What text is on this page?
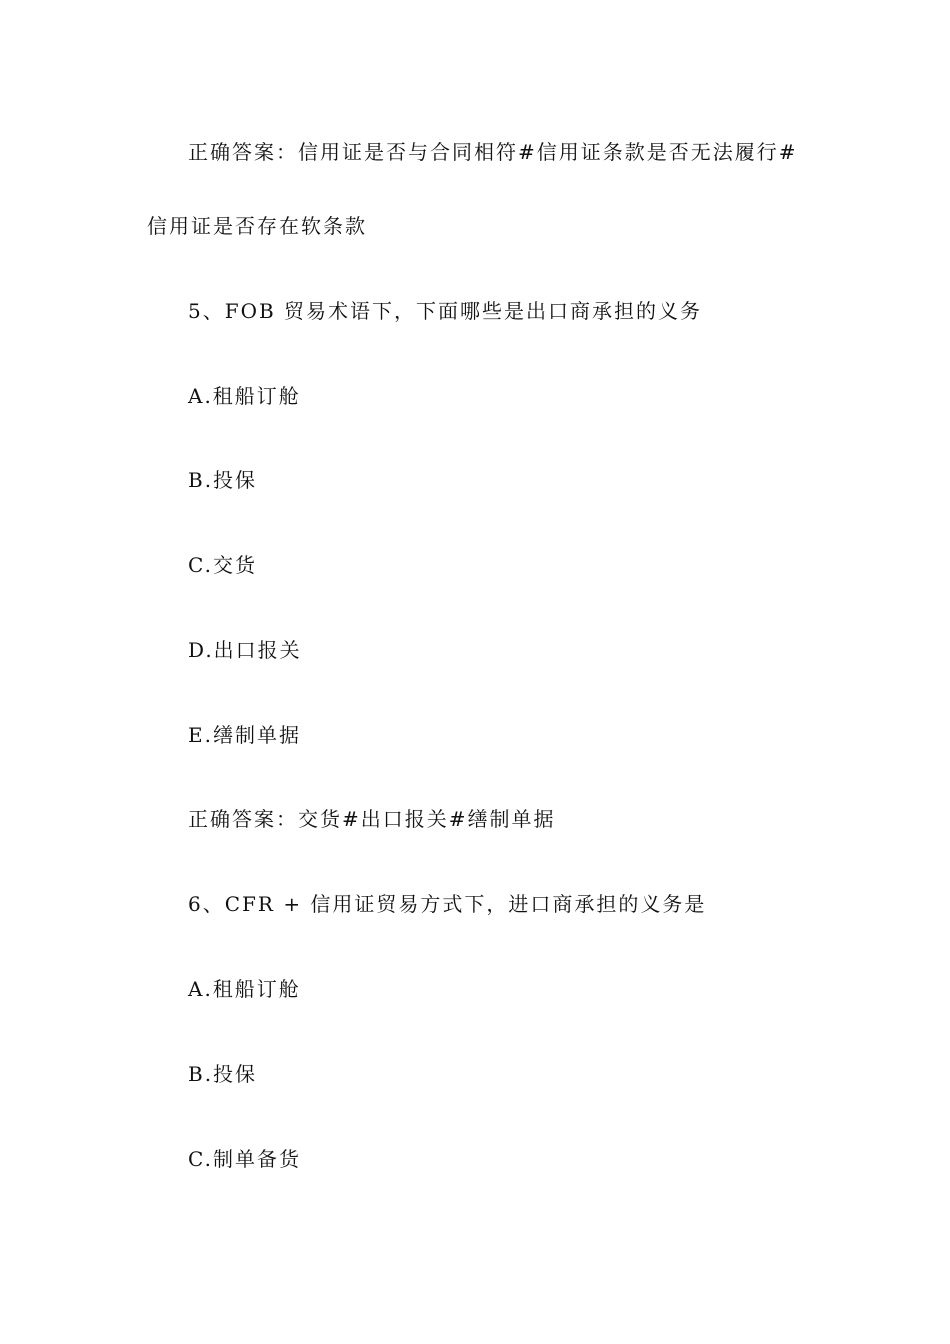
正确答案：信用证是否与合同相符#信用证条款是否无法履行#
信用证是否存在软条款
5、FOB 贸易术语下，下面哪些是出口商承担的义务
A.租船订舱
B.投保
C.交货
D.出口报关
E.缮制单据
正确答案：交货#出口报关#缮制单据
6、CFR + 信用证贸易方式下，进口商承担的义务是
A.租船订舱
B.投保
C.制单备货
